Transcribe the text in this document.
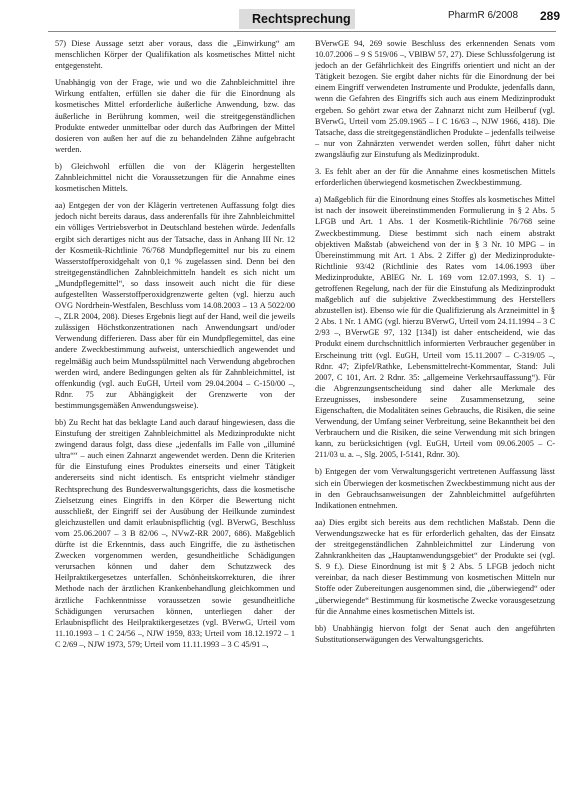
Rechtsprechung	PharmR 6/2008 289

57) Diese Aussage setzt aber voraus, dass die „Einwirkung“ am menschlichen Körper der Qualifikation als kosmetisches Mittel nicht entgegensteht.

Unabhängig von der Frage, wie und wo die Zahnbleichmittel ihre Wirkung entfalten, erfüllen sie daher die für die Einordnung als kosmetisches Mittel erforderliche äußerliche Anwendung, bzw. das äußerliche in Berührung kommen, weil die streitgegenständlichen Produkte entweder unmittelbar oder durch das Aufbringen der Mittel dosieren von außen her auf die zu behandelnden Zähne aufgebracht werden.

b) Gleichwohl erfüllen die von der Klägerin hergestellten Zahnbleichmittel nicht die Voraussetzungen für die Annahme eines kosmetischen Mittels.

aa) Entgegen der von der Klägerin vertretenen Auffassung folgt dies jedoch nicht bereits daraus, dass anderenfalls für ihre Zahnbleichmittel ein völliges Vertriebsverbot in Deutschland bestehen würde. Jedenfalls ergibt sich derartiges nicht aus der Tatsache, dass in Anhang III Nr. 12 der Kosmetik-Richtlinie 76/768 Mundpflegemittel nur bis zu einem Wasserstoffperoxidgehalt von 0,1 % zugelassen sind. Denn bei den streitgegenständlichen Zahnbleichmitteln handelt es sich nicht um „Mundpflegemittel“, so dass insoweit auch nicht die für diese aufgestellten Wasserstoffperoxidgrenzwerte gelten (vgl. hierzu auch OVG Nordrhein-Westfalen, Beschluss vom 14.08.2003 – 13 A 5022/00 –, ZLR 2004, 208). Dieses Ergebnis liegt auf der Hand, weil die jeweils zulässigen Höchstkonzentrationen nach Anwendungsart und/oder Verwendung differieren. Dass aber für ein Mundpflegemittel, das eine andere Zweckbestimmung aufweist, unterschiedlich angewendet und regelmäßig auch beim Mundsspülmittel nach Verwendung abgebrochen werden wird, andere Bedingungen gelten als für Zahnbleichmittel, ist offenkundig (vgl. auch EuGH, Urteil vom 29.04.2004 – C-150/00 –, Rdnr. 75 zur Abhängigkeit der Grenzwerte von der bestimmungsgemäßen Anwendungsweise).

bb) Zu Recht hat das beklagte Land auch darauf hingewiesen, dass die Einstufung der streitigen Zahnbleichmittel als Medizinprodukte nicht zwingend daraus folgt, dass diese „jedenfalls im Falle von „illuminé ultra““ – auch einen Zahnarzt angewendet werden. Denn die Kriterien für die Einstufung eines Produktes einerseits und einer Tätigkeit andererseits sind nicht identisch. Es entspricht vielmehr ständiger Rechtsprechung des Bundesverwaltungsgerichts, dass die kosmetische Zielsetzung eines Eingriffs in den Körper die Bewertung nicht ausschließt, der Eingriff sei der Ausübung der Heilkunde zumindest gleichzustellen und damit erlaubnispflichtig (vgl. BVerwG, Beschluss vom 25.06.2007 – 3 B 82/06 –, NVwZ-RR 2007, 686). Maßgeblich dürfte ist die Erkenntnis, dass auch Eingriffe, die zu ästhetischen Zwecken vorgenommen werden, gesundheitliche Schädigungen verursachen können und daher dem Schutzzweck des Heilpraktikergesetzes unterfallen. Schönheitskorrekturen, die ihrer Methode nach der ärztlichen Krankenbehandlung gleichkommen und ärztliche Fachkenntnisse voraussetzen sowie gesundheitliche Schädigungen verursachen können, unterliegen daher der Erlaubnispflicht des Heilpraktikergesetzes (vgl. BVerwG, Urteil vom 11.10.1993 – 1 C 24/56 –, NJW 1959, 833; Urteil vom 18.12.1972 – 1 C 2/69 –, NJW 1973, 579; Urteil vom 11.11.1993 – 3 C 45/91 –,

BVerwGE 94, 269 sowie Beschluss des erkennenden Senats vom 10.07.2006 – 9 S 519/06 –, VBlBW 57, 27). Diese Schlussfolgerung ist jedoch an der Gefährlichkeit des Eingriffs orientiert und nicht an der Tätigkeit bezogen. Sie ergibt daher nichts für die Einordnung der bei einem Eingriff verwendeten Instrumente und Produkte, jedenfalls dann, wenn die Gefahren des Eingriffs sich auch aus einem Medizinprodukt ergeben. So gehört zwar etwa der Zahnarzt nicht zum Heilberuf (vgl. BVerwG, Urteil vom 25.09.1965 – I C 16/63 –, NJW 1966, 418). Die Tatsache, dass die streitgegenständlichen Produkte – jedenfalls teilweise – nur von Zahnärzten verwendet werden sollen, führt daher nicht zwangsläufig zur Einstufung als Medizinprodukt.

3. Es fehlt aber an der für die Annahme eines kosmetischen Mittels erforderlichen überwiegend kosmetischen Zweckbestimmung.

a) Maßgeblich für die Einordnung eines Stoffes als kosmetisches Mittel ist nach der insoweit übereinstimmenden Formulierung in § 2 Abs. 5 LFGB und Art. 1 Abs. 1 der Kosmetik-Richtlinie 76/768 seine Zweckbestimmung. Diese bestimmt sich nach einem abstrakt objektiven Maßstab (abweichend von der in § 3 Nr. 10 MPG – in Übereinstimmung mit Art. 1 Abs. 2 Ziffer g) der Medizinprodukte-Richtlinie 93/42 (Richtlinie des Rates vom 14.06.1993 über Medizinprodukte, ABlEG Nr. L 169 vom 12.07.1993, S. 1) – getroffenen Regelung, nach der für die Einstufung als Medizinprodukt maßgeblich auf die subjektive Zweckbestimmung des Herstellers abzustellen ist). Ebenso wie für die Qualifizierung als Arzneimittel in § 2 Abs. 1 Nr. 1 AMG (vgl. hierzu BVerwG, Urteil vom 24.11.1994 – 3 C 2/93 –, BVerwGE 97, 132 [134]) ist daher entscheidend, wie das Produkt einem durchschnittlich informierten Verbraucher gegenüber in Erscheinung tritt (vgl. EuGH, Urteil vom 15.11.2007 – C-319/05 –, Rdnr. 47; Zipfel/Rathke, Lebensmittelrecht-Kommentar, Stand: Juli 2007, C 101, Art. 2 Rdnr. 35: „allgemeine Verkehrsauffassung“). Für die Abgrenzungsentscheidung sind daher alle Merkmale des Erzeugnisses, insbesondere seine Zusammensetzung, seine Eigenschaften, die Modalitäten seines Gebrauchs, die Risiken, die seine Verwendung, der Umfang seiner Verbreitung, seine Bekanntheit bei den Verbrauchern und die Risiken, die seine Verwendung mit sich bringen kann, zu berücksichtigen (vgl. EuGH, Urteil vom 09.06.2005 – C-211/03 u. a. –, Slg. 2005, I-5141, Rdnr. 30).

b) Entgegen der vom Verwaltungsgericht vertretenen Auffassung lässt sich ein Überwiegen der kosmetischen Zweckbestimmung nicht aus der in den Gebrauchsanweisungen der Zahnbleichmittel aufgeführten Indikationen entnehmen.

aa) Dies ergibt sich bereits aus dem rechtlichen Maßstab. Denn die Verwendungszwecke hat es für erforderlich gehalten, das der Einsatz der streitgegenständlichen Zahnbleichmittel zur Linderung von Zahnkrankheiten das „Hauptanwendungsgebiet“ der Produkte sei (vgl. S. 9 f.). Diese Einordnung ist mit § 2 Abs. 5 LFGB jedoch nicht vereinbar, da nach dieser Bestimmung von kosmetischen Mitteln nur Stoffe oder Zubereitungen ausgenommen sind, die „überwiegend“ oder „überwiegende“ Bestimmung für kosmetische Zwecke vorausgesetzung für die Annahme eines kosmetischen Mittels ist.

bb) Unabhängig hiervon folgt der Senat auch den angeführten Substitutionserwägungen des Verwaltungsgerichts.
